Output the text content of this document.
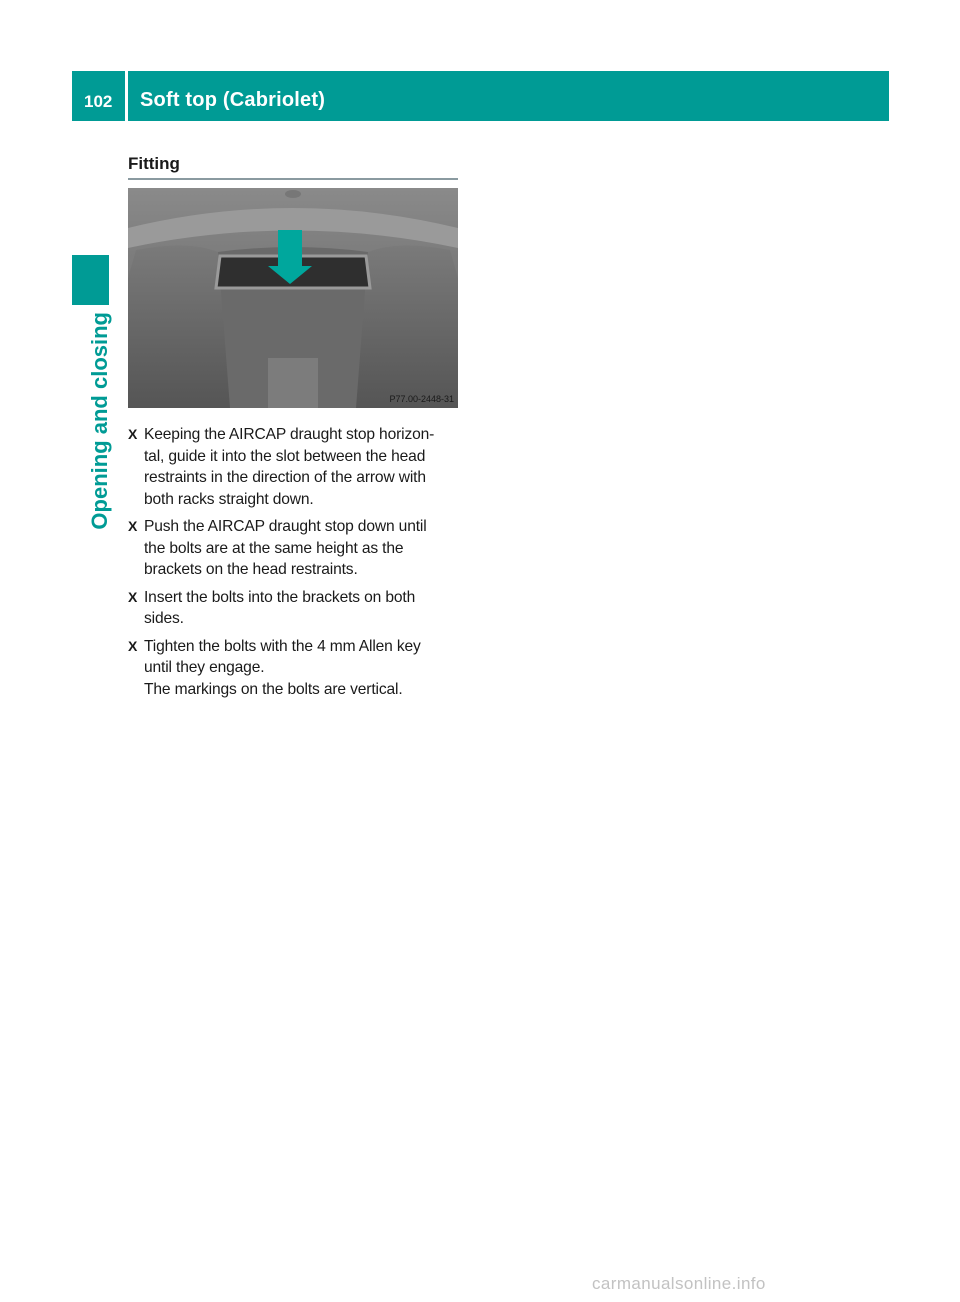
102 Soft top (Cabriolet)
Opening and closing
Fitting
P77.00-2448-31
X Keeping the AIRCAP draught stop horizon-
tal, guide it into the slot between the head
restraints in the direction of the arrow with
both racks straight down.
X Push the AIRCAP draught stop down until
the bolts are at the same height as the
brackets on the head restraints.
X Insert the bolts into the brackets on both
sides.
X Tighten the bolts with the 4 mm Allen key
until they engage.
The markings on the bolts are vertical.
carmanualsonline.info
